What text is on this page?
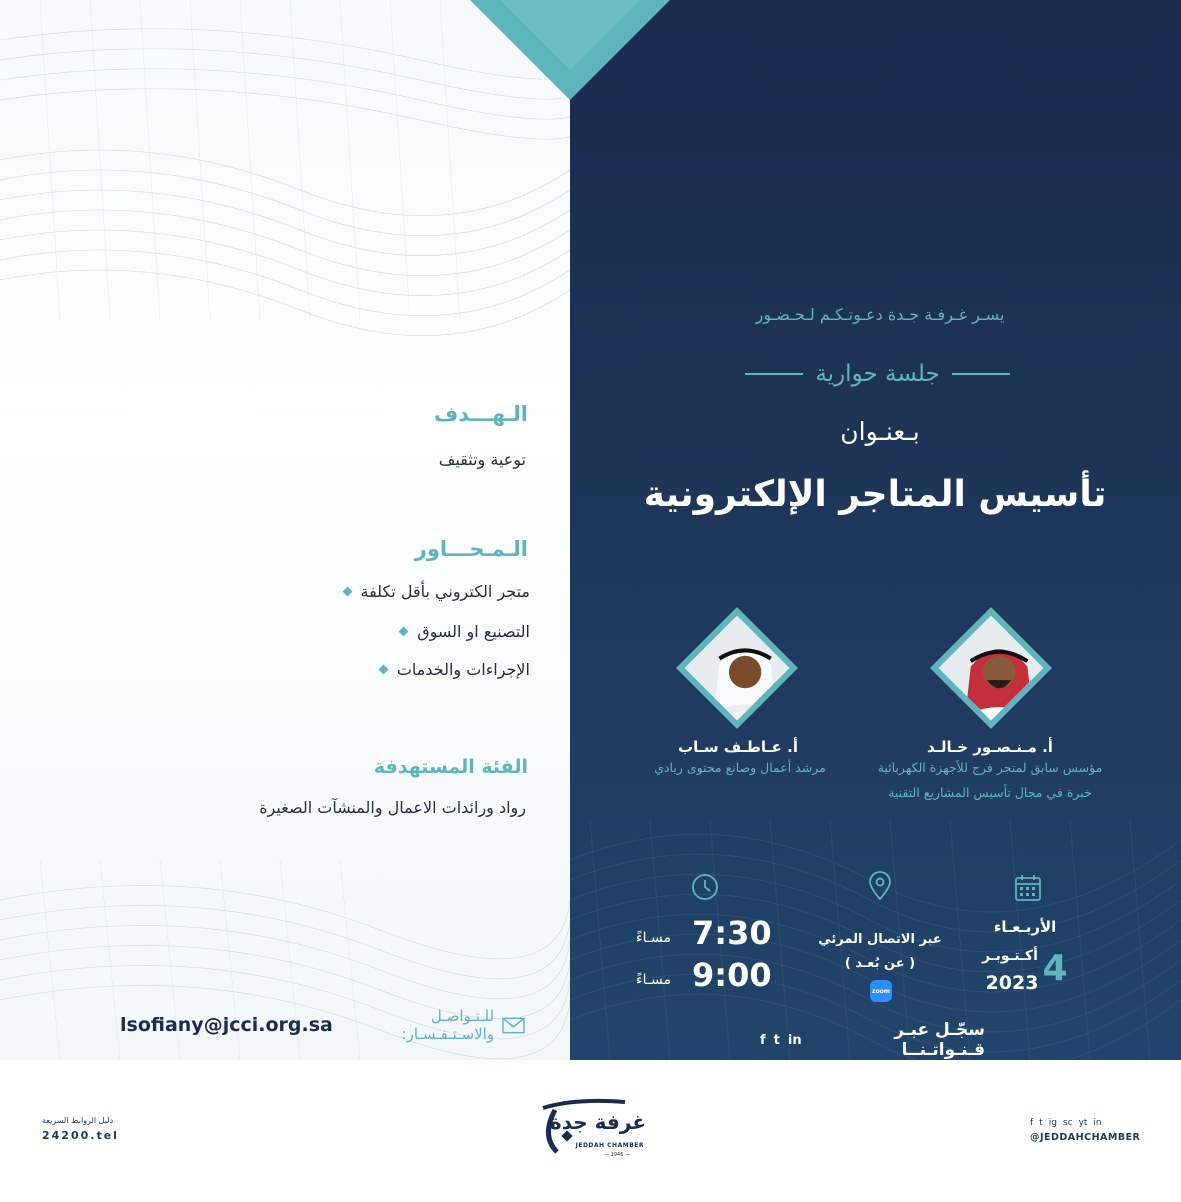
الـهـــدف
توعية وتثقيف
الـمـحـــاور
متجر الكتروني بأقل تكلفة
التصنيع او السوق
الإجراءات والخدمات
الفئة المستهدفة
رواد ورائدات الاعمال والمنشآت الصغيرة
للـتـواصـل والاسـتـفـسـار:
lsofiany@jcci.org.sa
يسـر غـرفـة جـدة دعـوتـكـم لـحـضـور
جلسة حوارية
بـعنـوان
تأسيس المتاجر الإلكترونية
أ. مـنـصـور خـالـد
مؤسس سابق لمتجر فرج للأجهزة الكهربائية
خبرة في مجال تأسيس المشاريع التقنية
أ. عـاطـف سـاب
مرشد أعمال وصانع محتوى ريادي
الأربـعـاء
4
أكـتـوبـر
2023
عبر الاتصال المرئي
( عن بُعـد )
zoom
7:30
مسـاءً
9:00
مسـاءً
سجّـل عبـر قـنـواتـنــا
in
t
f
دليل الروابط السريعة
24200.tel
غرفة جدة
JEDDAH CHAMBER
— 1946 —
f t ig sc yt in
@JEDDAHCHAMBER
